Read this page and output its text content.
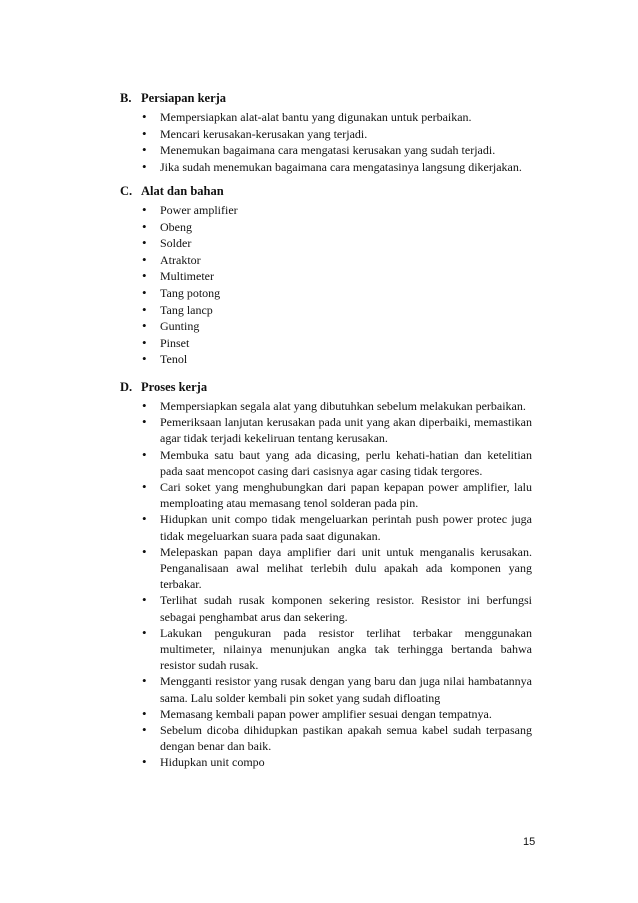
B. Persiapan kerja
• Mempersiapkan alat-alat bantu yang digunakan untuk perbaikan.
• Mencari kerusakan-kerusakan yang terjadi.
• Menemukan bagaimana cara mengatasi kerusakan yang sudah terjadi.
• Jika sudah menemukan bagaimana cara mengatasinya langsung dikerjakan.
C. Alat dan bahan
• Power amplifier
• Obeng
• Solder
• Atraktor
• Multimeter
• Tang potong
• Tang lancp
• Gunting
• Pinset
• Tenol
D. Proses kerja
• Mempersiapkan segala alat yang dibutuhkan sebelum melakukan perbaikan.
• Pemeriksaan lanjutan kerusakan pada unit yang akan diperbaiki, memastikan agar tidak terjadi kekeliruan tentang kerusakan.
• Membuka satu baut yang ada dicasing, perlu kehati-hatian dan ketelitian pada saat mencopot casing dari casisnya agar casing tidak tergores.
• Cari soket yang menghubungkan dari papan kepapan power amplifier, lalu memploating atau memasang tenol solderan pada pin.
• Hidupkan unit compo tidak mengeluarkan perintah push power protec juga tidak megeluarkan suara pada saat digunakan.
• Melepaskan papan daya amplifier dari unit untuk menganalis kerusakan. Penganalisaan awal melihat terlebih dulu apakah ada komponen yang terbakar.
• Terlihat sudah rusak komponen sekering resistor. Resistor ini berfungsi sebagai penghambat arus dan sekering.
• Lakukan pengukuran pada resistor terlihat terbakar menggunakan multimeter, nilainya menunjukan angka tak terhingga bertanda bahwa resistor sudah rusak.
• Mengganti resistor yang rusak dengan yang baru dan juga nilai hambatannya sama. Lalu solder kembali pin soket yang sudah difloating
• Memasang kembali papan power amplifier sesuai dengan tempatnya.
• Sebelum dicoba dihidupkan pastikan apakah semua kabel sudah terpasang dengan benar dan baik.
• Hidupkan unit compo
15
